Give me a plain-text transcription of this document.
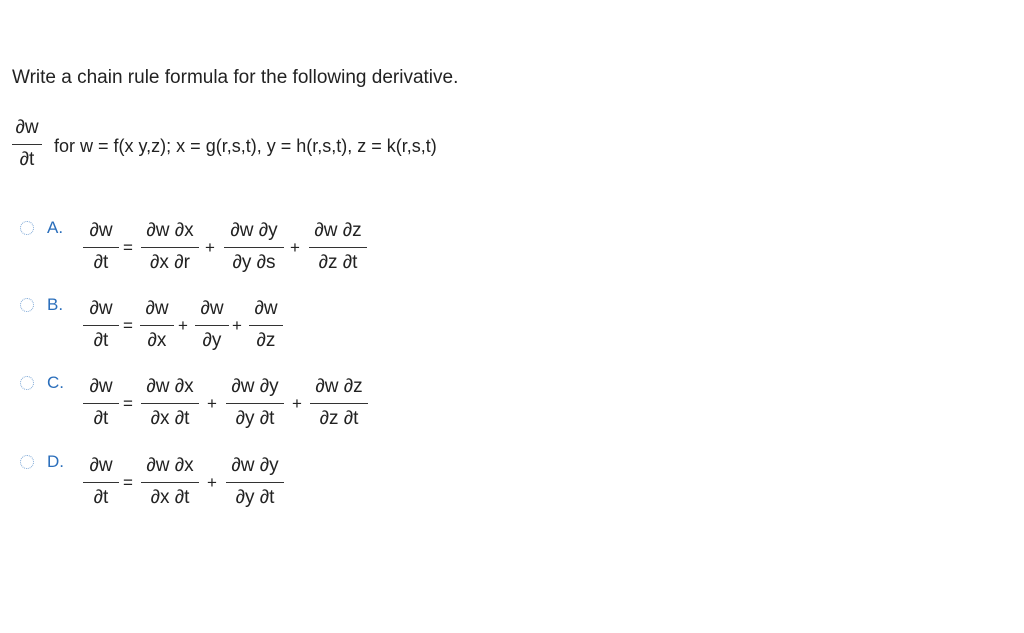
Write a chain rule formula for the following derivative.
∂w
∂t
for w = f(x y,z); x = g(r,s,t), y = h(r,s,t), z = k(r,s,t)
A.	∂w
∂t
=
∂w ∂x
∂x ∂r
+
∂w ∂y
∂y ∂s
+
∂w ∂z
∂z ∂t
B.	∂w
∂t
=
∂w
∂x
+
∂w
∂y
+
∂w
∂z
C.	∂w
∂t
=
∂w ∂x
∂x ∂t
+
∂w ∂y
∂y ∂t
+
∂w ∂z
∂z ∂t
D.	∂w
∂t
=
∂w ∂x
∂x ∂t
+
∂w ∂y
∂y ∂t
